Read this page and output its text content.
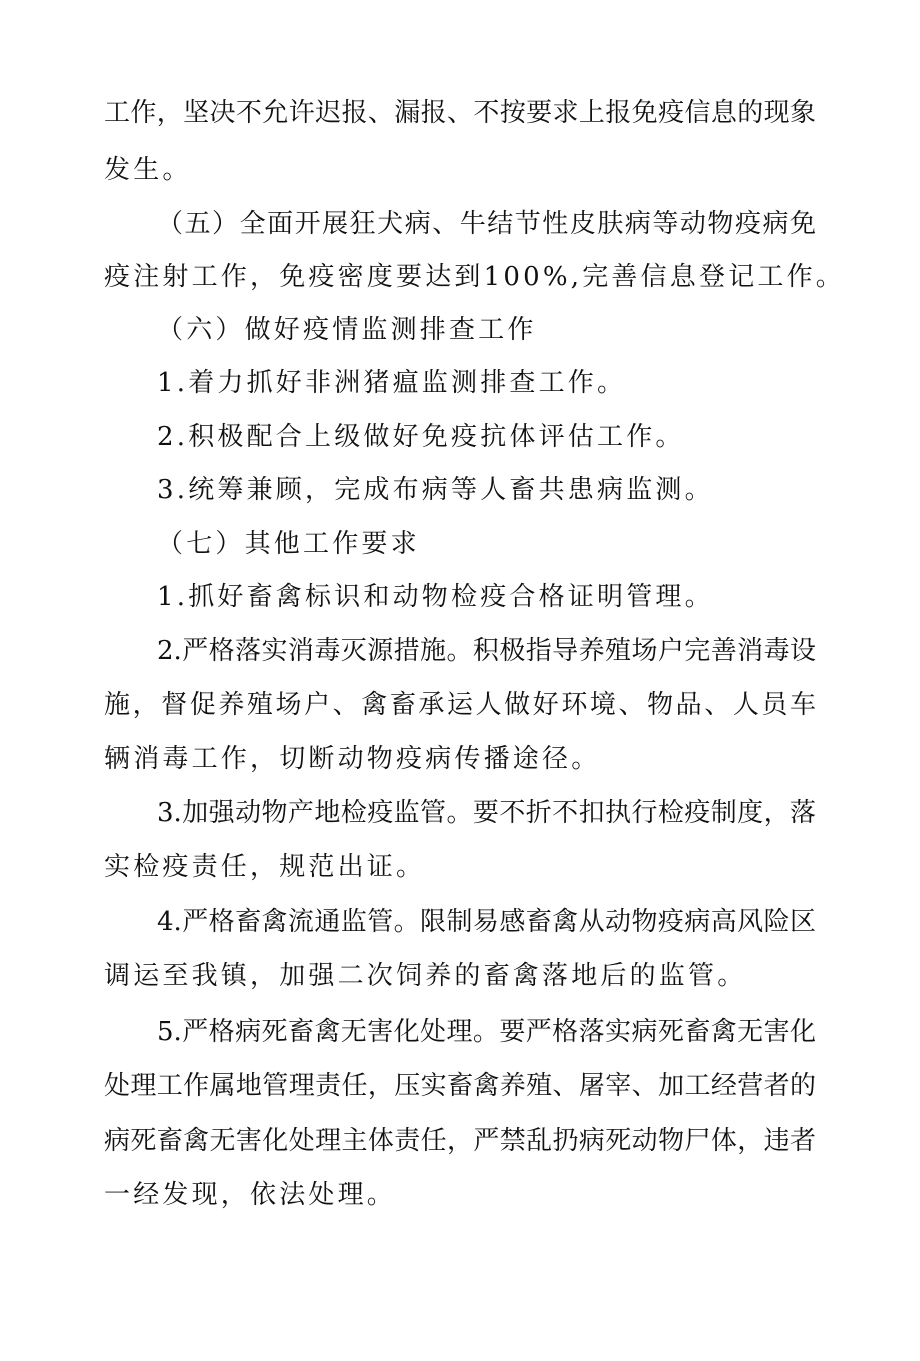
工作，坚决不允许迟报、漏报、不按要求上报免疫信息的现象
发生。
（五）全面开展狂犬病、牛结节性皮肤病等动物疫病免
疫注射工作，免疫密度要达到100%,完善信息登记工作。
（六）做好疫情监测排查工作
1.着力抓好非洲猪瘟监测排查工作。
2.积极配合上级做好免疫抗体评估工作。
3.统筹兼顾，完成布病等人畜共患病监测。
（七）其他工作要求
1.抓好畜禽标识和动物检疫合格证明管理。
2.严格落实消毒灭源措施。积极指导养殖场户完善消毒设
施，督促养殖场户、禽畜承运人做好环境、物品、人员车
辆消毒工作，切断动物疫病传播途径。
3.加强动物产地检疫监管。要不折不扣执行检疫制度，落
实检疫责任，规范出证。
4.严格畜禽流通监管。限制易感畜禽从动物疫病高风险区
调运至我镇，加强二次饲养的畜禽落地后的监管。
5.严格病死畜禽无害化处理。要严格落实病死畜禽无害化
处理工作属地管理责任，压实畜禽养殖、屠宰、加工经营者的
病死畜禽无害化处理主体责任，严禁乱扔病死动物尸体，违者
一经发现，依法处理。
